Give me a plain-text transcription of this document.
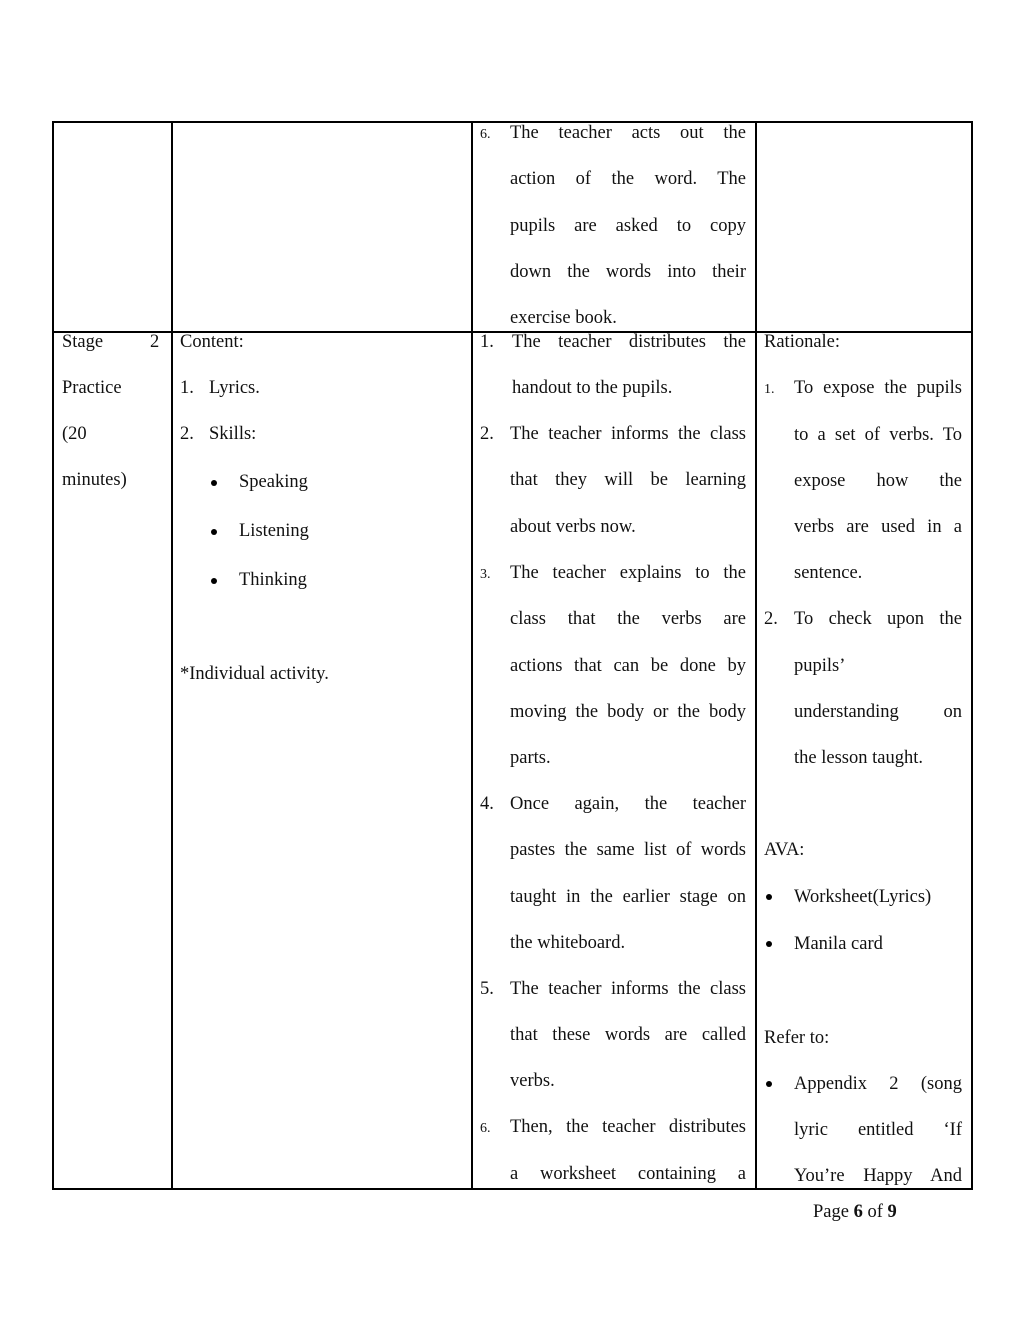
6. The teacher acts out the
action of the word. The
pupils are asked to copy
down the words into their
exercise book.
Stage	2
Practice
(20
minutes)
Content:
1. Lyrics.
2. Skills:
Speaking
Listening
Thinking
*Individual activity.
1. The teacher distributes the
handout to the pupils.
2. The teacher informs the class
that they will be learning
about verbs now.
3. The teacher explains to the
class that the verbs are
actions that can be done by
moving the body or the body
parts.
4. Once again, the teacher
pastes the same list of words
taught in the earlier stage on
the whiteboard.
5. The teacher informs the class
that these words are called
verbs.
6. Then, the teacher distributes
a worksheet containing a
Rationale:
1. To expose the pupils
to a set of verbs. To
expose how the
verbs are used in a
sentence.
2. To check upon the
pupils’
understanding on
the lesson taught.
AVA:
Worksheet(Lyrics)
Manila card
Refer to:
Appendix 2 (song
lyric entitled ‘If
You’re Happy And
Page 6 of 9
